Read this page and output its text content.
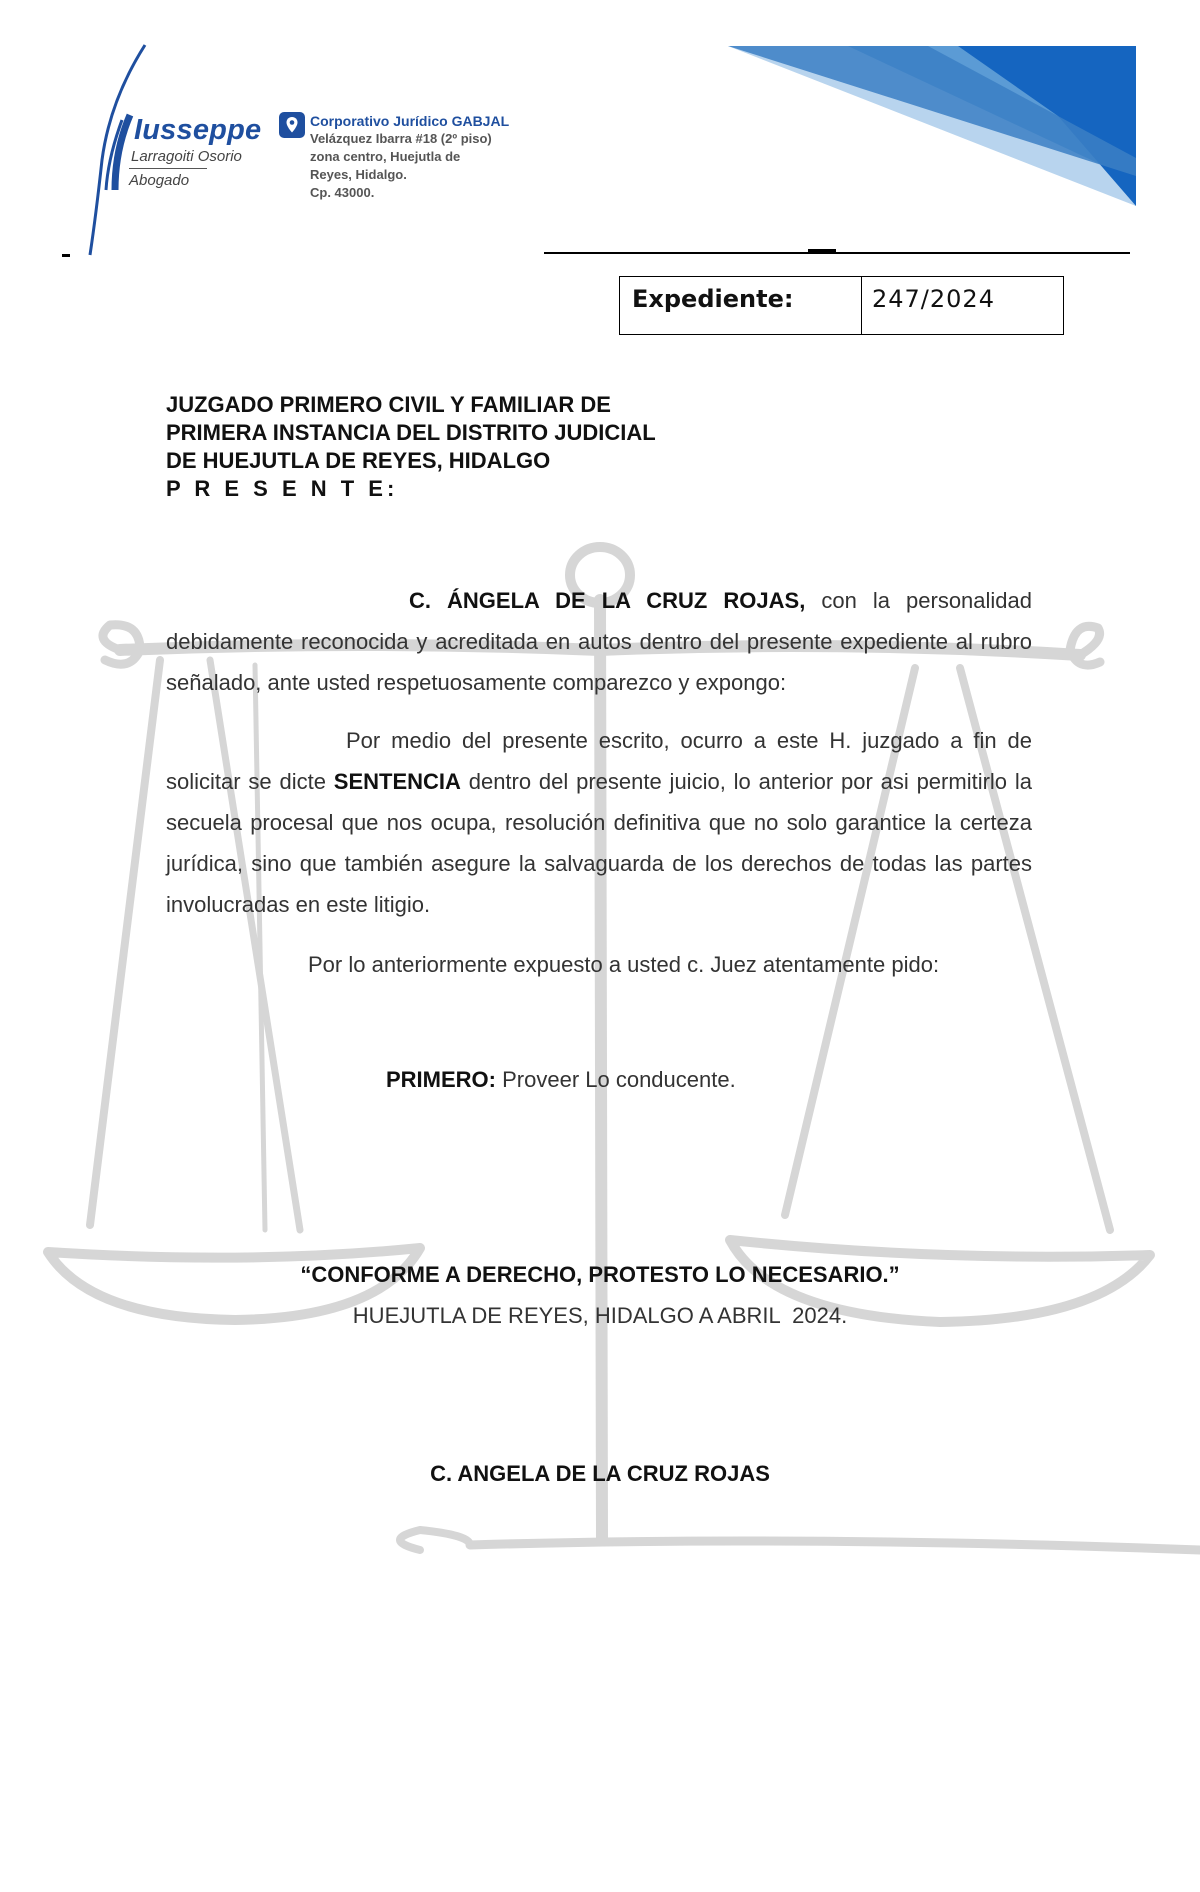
Iusseppe
Larragoiti Osorio
Abogado
Corporativo Jurídico GABJAL
Velázquez Ibarra #18 (2º piso)
zona centro, Huejutla de
Reyes, Hidalgo.
Cp. 43000.
Expediente:	247/2024
JUZGADO PRIMERO CIVIL Y FAMILIAR DE
PRIMERA INSTANCIA DEL DISTRITO JUDICIAL
DE HUEJUTLA DE REYES, HIDALGO
P R E S E N T E:
C. ÁNGELA DE LA CRUZ ROJAS, con la personalidad debidamente reconocida y acreditada en autos dentro del presente expediente al rubro señalado, ante usted respetuosamente comparezco y expongo:
Por medio del presente escrito, ocurro a este H. juzgado a fin de solicitar se dicte SENTENCIA dentro del presente juicio, lo anterior por asi permitirlo la secuela procesal que nos ocupa, resolución definitiva que no solo garantice la certeza jurídica, sino que también asegure la salvaguarda de los derechos de todas las partes involucradas en este litigio.
Por lo anteriormente expuesto a usted c. Juez atentamente pido:
PRIMERO: Proveer Lo conducente.
“CONFORME A DERECHO, PROTESTO LO NECESARIO.”
HUEJUTLA DE REYES, HIDALGO A ABRIL  2024.
C. ANGELA DE LA CRUZ ROJAS
